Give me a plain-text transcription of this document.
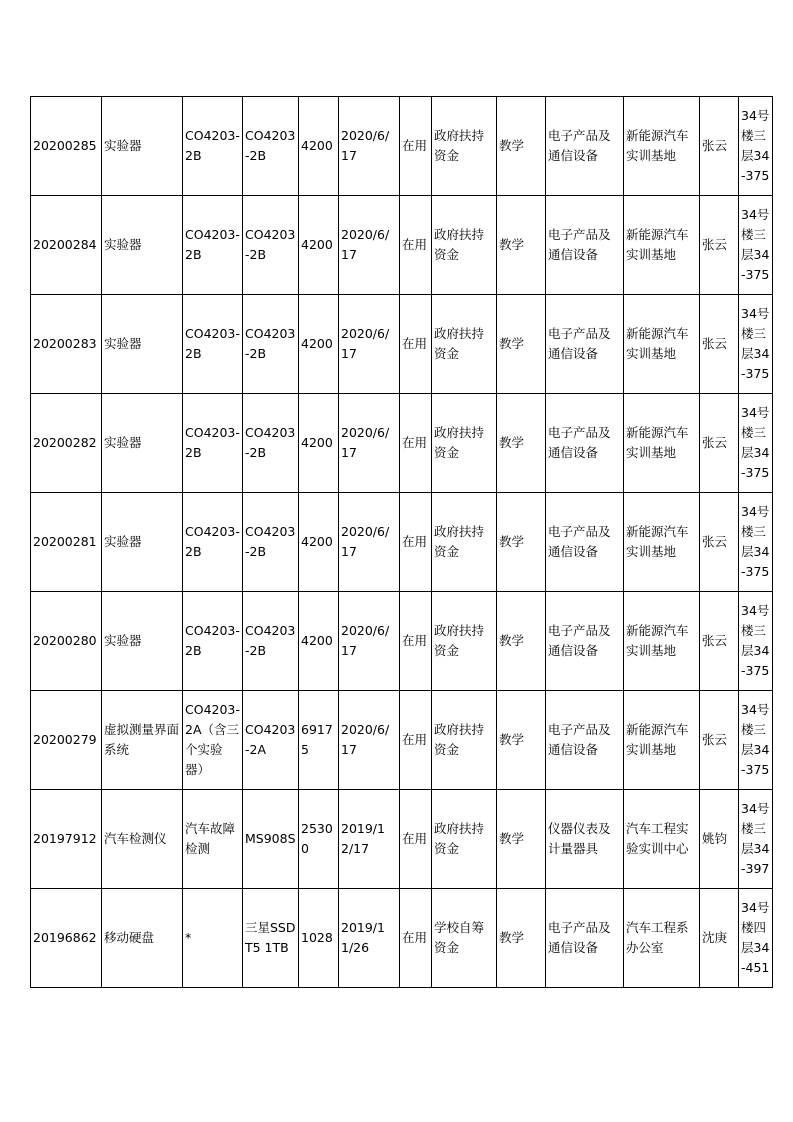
20200285	实验器	CO4203-2B	CO4203-2B	4200	2020/6/17	在用	政府扶持资金	教学	电子产品及通信设备	新能源汽车实训基地	张云	34号楼三层34-375
20200284	实验器	CO4203-2B	CO4203-2B	4200	2020/6/17	在用	政府扶持资金	教学	电子产品及通信设备	新能源汽车实训基地	张云	34号楼三层34-375
20200283	实验器	CO4203-2B	CO4203-2B	4200	2020/6/17	在用	政府扶持资金	教学	电子产品及通信设备	新能源汽车实训基地	张云	34号楼三层34-375
20200282	实验器	CO4203-2B	CO4203-2B	4200	2020/6/17	在用	政府扶持资金	教学	电子产品及通信设备	新能源汽车实训基地	张云	34号楼三层34-375
20200281	实验器	CO4203-2B	CO4203-2B	4200	2020/6/17	在用	政府扶持资金	教学	电子产品及通信设备	新能源汽车实训基地	张云	34号楼三层34-375
20200280	实验器	CO4203-2B	CO4203-2B	4200	2020/6/17	在用	政府扶持资金	教学	电子产品及通信设备	新能源汽车实训基地	张云	34号楼三层34-375
20200279	虚拟测量界面系统	CO4203-2A（含三个实验器）	CO4203-2A	69175	2020/6/17	在用	政府扶持资金	教学	电子产品及通信设备	新能源汽车实训基地	张云	34号楼三层34-375
20197912	汽车检测仪	汽车故障检测	MS908S	25300	2019/12/17	在用	政府扶持资金	教学	仪器仪表及计量器具	汽车工程实验实训中心	姚钧	34号楼三层34-397
20196862	移动硬盘	*	三星SSD T5 1TB	1028	2019/11/26	在用	学校自筹资金	教学	电子产品及通信设备	汽车工程系办公室	沈庚	34号楼四层34-451
